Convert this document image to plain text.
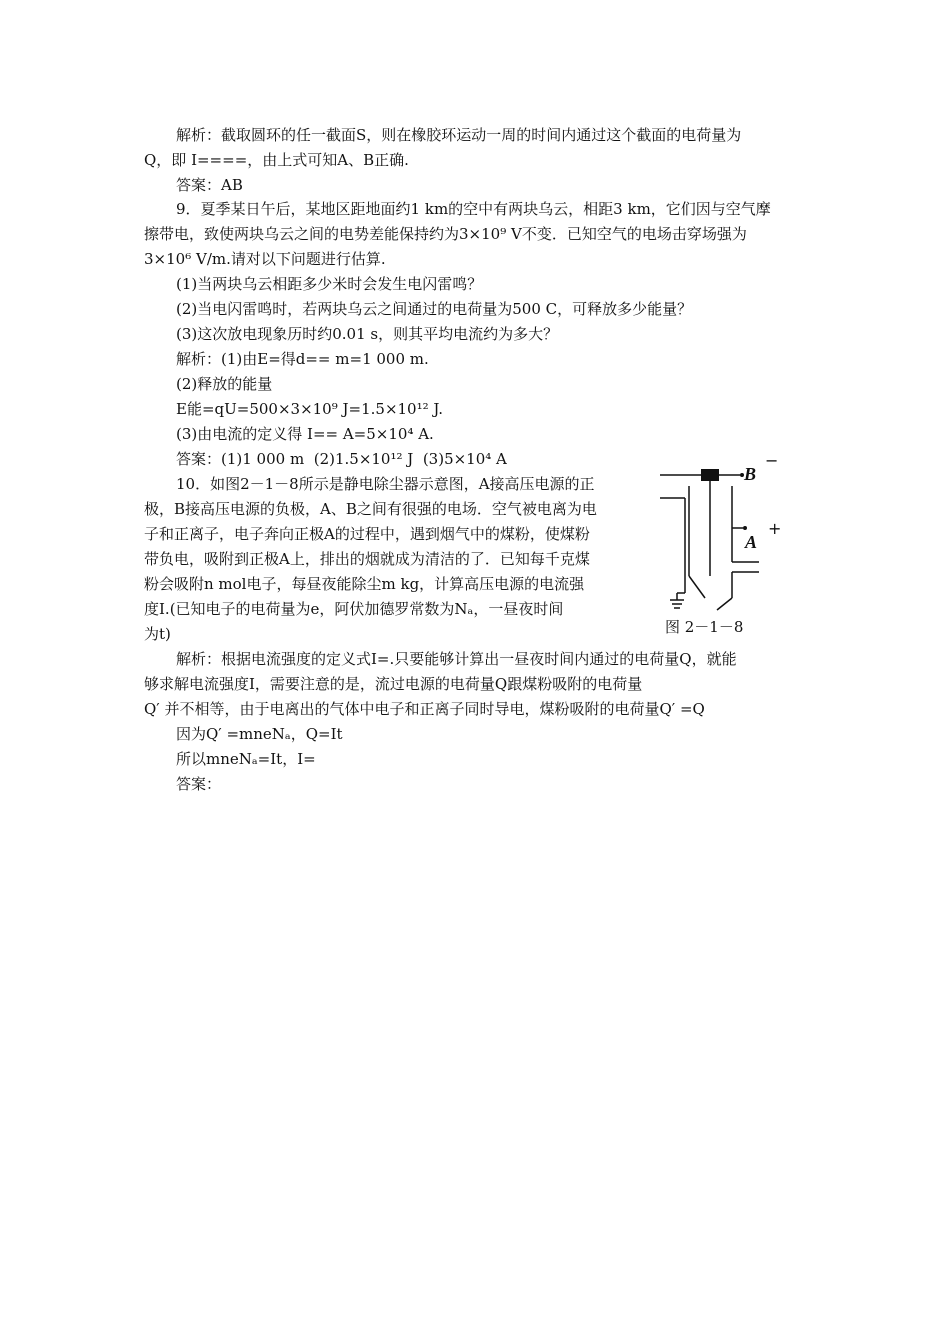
解析：截取圆环的任一截面S，则在橡胶环运动一周的时间内通过这个截面的电荷量为
Q，即 I====，由上式可知A、B正确.
答案：AB
9．夏季某日午后，某地区距地面约1 km的空中有两块乌云，相距3 km，它们因与空气摩
擦带电，致使两块乌云之间的电势差能保持约为3×10⁹ V不变．已知空气的电场击穿场强为
3×10⁶ V/m.请对以下问题进行估算.
(1)当两块乌云相距多少米时会发生电闪雷鸣？
(2)当电闪雷鸣时，若两块乌云之间通过的电荷量为500 C，可释放多少能量？
(3)这次放电现象历时约0.01 s，则其平均电流约为多大？
解析：(1)由E=得d== m=1 000 m.
(2)释放的能量
E能=qU=500×3×10⁹ J=1.5×10¹² J.
(3)由电流的定义得 I== A=5×10⁴ A.
答案：(1)1 000 m  (2)1.5×10¹² J  (3)5×10⁴ A
10．如图2－1－8所示是静电除尘器示意图，A接高压电源的正
极，B接高压电源的负极，A、B之间有很强的电场．空气被电离为电
子和正离子，电子奔向正极A的过程中，遇到烟气中的煤粉，使煤粉
带负电，吸附到正极A上，排出的烟就成为清洁的了．已知每千克煤
粉会吸附n mol电子，每昼夜能除尘m kg，计算高压电源的电流强
度I.(已知电子的电荷量为e，阿伏加德罗常数为Nₐ，一昼夜时间
为t)
解析：根据电流强度的定义式I=.只要能够计算出一昼夜时间内通过的电荷量Q，就能
够求解电流强度I，需要注意的是，流过电源的电荷量Q跟煤粉吸附的电荷量
Q′ 并不相等，由于电离出的气体中电子和正离子同时导电，煤粉吸附的电荷量Q′ =Q
因为Q′ =mneNₐ，Q=It
所以mneNₐ=It，I=
答案：
−
B
+
A
图 2－1－8
